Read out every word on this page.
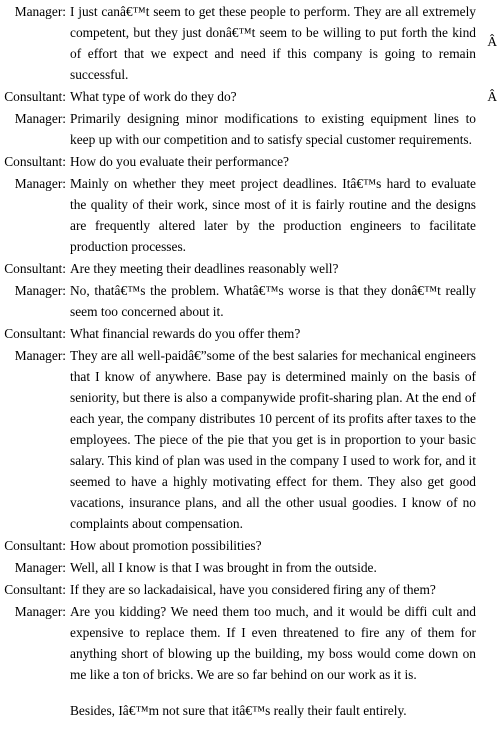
Manager: I just canâ€™t seem to get these people to perform. They are all extremely competent, but they just donâ€™t seem to be willing to put forth the kind of effort that we expect and need if this company is going to remain successful.
Consultant: What type of work do they do?
Manager: Primarily designing minor modifications to existing equipment lines to keep up with our competition and to satisfy special customer requirements.
Consultant: How do you evaluate their performance?
Manager: Mainly on whether they meet project deadlines. Itâ€™s hard to evaluate the quality of their work, since most of it is fairly routine and the designs are frequently altered later by the production engineers to facilitate production processes.
Consultant: Are they meeting their deadlines reasonably well?
Manager: No, thatâ€™s the problem. Whatâ€™s worse is that they donâ€™t really seem too concerned about it.
Consultant: What financial rewards do you offer them?
Manager: They are all well-paidâ€”some of the best salaries for mechanical engineers that I know of anywhere. Base pay is determined mainly on the basis of seniority, but there is also a companywide profit-sharing plan. At the end of each year, the company distributes 10 percent of its profits after taxes to the employees. The piece of the pie that you get is in proportion to your basic salary. This kind of plan was used in the company I used to work for, and it seemed to have a highly motivating effect for them. They also get good vacations, insurance plans, and all the other usual goodies. I know of no complaints about compensation.
Consultant: How about promotion possibilities?
Manager: Well, all I know is that I was brought in from the outside.
Consultant: If they are so lackadaisical, have you considered firing any of them?
Manager: Are you kidding? We need them too much, and it would be diffi cult and expensive to replace them. If I even threatened to fire any of them for anything short of blowing up the building, my boss would come down on me like a ton of bricks. We are so far behind on our work as it is.
Besides, Iâ€™m not sure that itâ€™s really their fault entirely.
Â
Â
